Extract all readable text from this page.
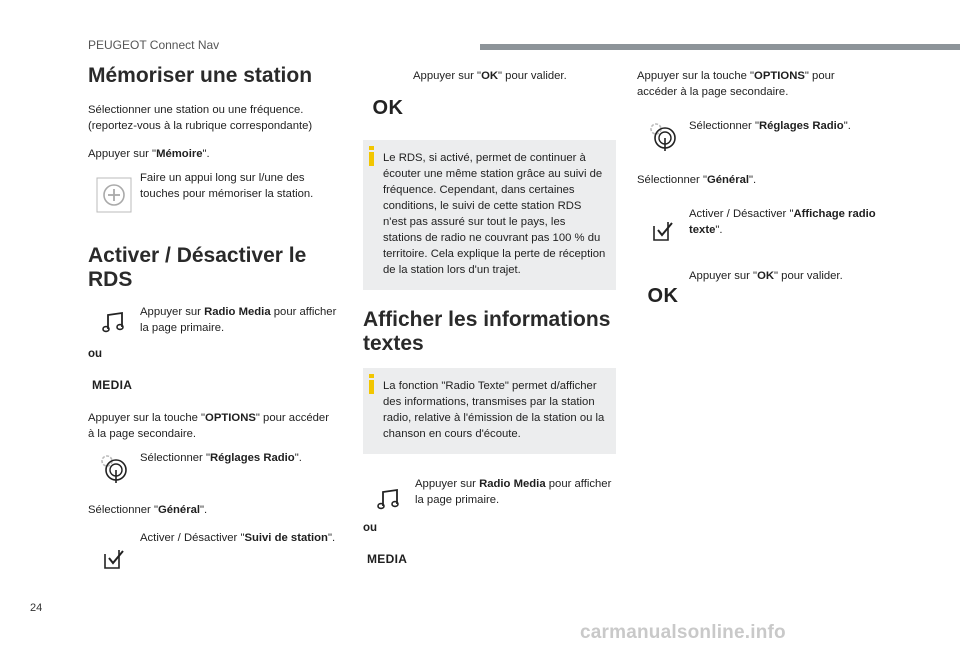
PEUGEOT Connect Nav
Mémoriser une station

Sélectionner une station ou une fréquence. (reportez-vous à la rubrique correspondante)

Appuyer sur "Mémoire".

Faire un appui long sur l/une des touches pour mémoriser la station.
Activer / Désactiver le RDS
Appuyer sur Radio Media pour afficher la page primaire.
ou
MEDIA

Appuyer sur la touche "OPTIONS" pour accéder à la page secondaire.

Sélectionner "Réglages Radio".

Sélectionner "Général".

Activer / Désactiver "Suivi de station".
OK
Appuyer sur "OK" pour valider.
Le RDS, si activé, permet de continuer à écouter une même station grâce au suivi de fréquence. Cependant, dans certaines conditions, le suivi de cette station RDS n'est pas assuré sur tout le pays, les stations de radio ne couvrant pas 100 % du territoire. Cela explique la perte de réception de la station lors d'un trajet.
Afficher les informations textes
La fonction "Radio Texte" permet d/afficher des informations, transmises par la station radio, relative à l'émission de la station ou la chanson en cours d'écoute.
Appuyer sur Radio Media pour afficher la page primaire.
ou
MEDIA

Appuyer sur la touche "OPTIONS" pour accéder à la page secondaire.

Sélectionner "Réglages Radio".

Sélectionner "Général".

Activer / Désactiver "Affichage radio texte".
OK
Appuyer sur "OK" pour valider.
24
carmanualsonline.info
